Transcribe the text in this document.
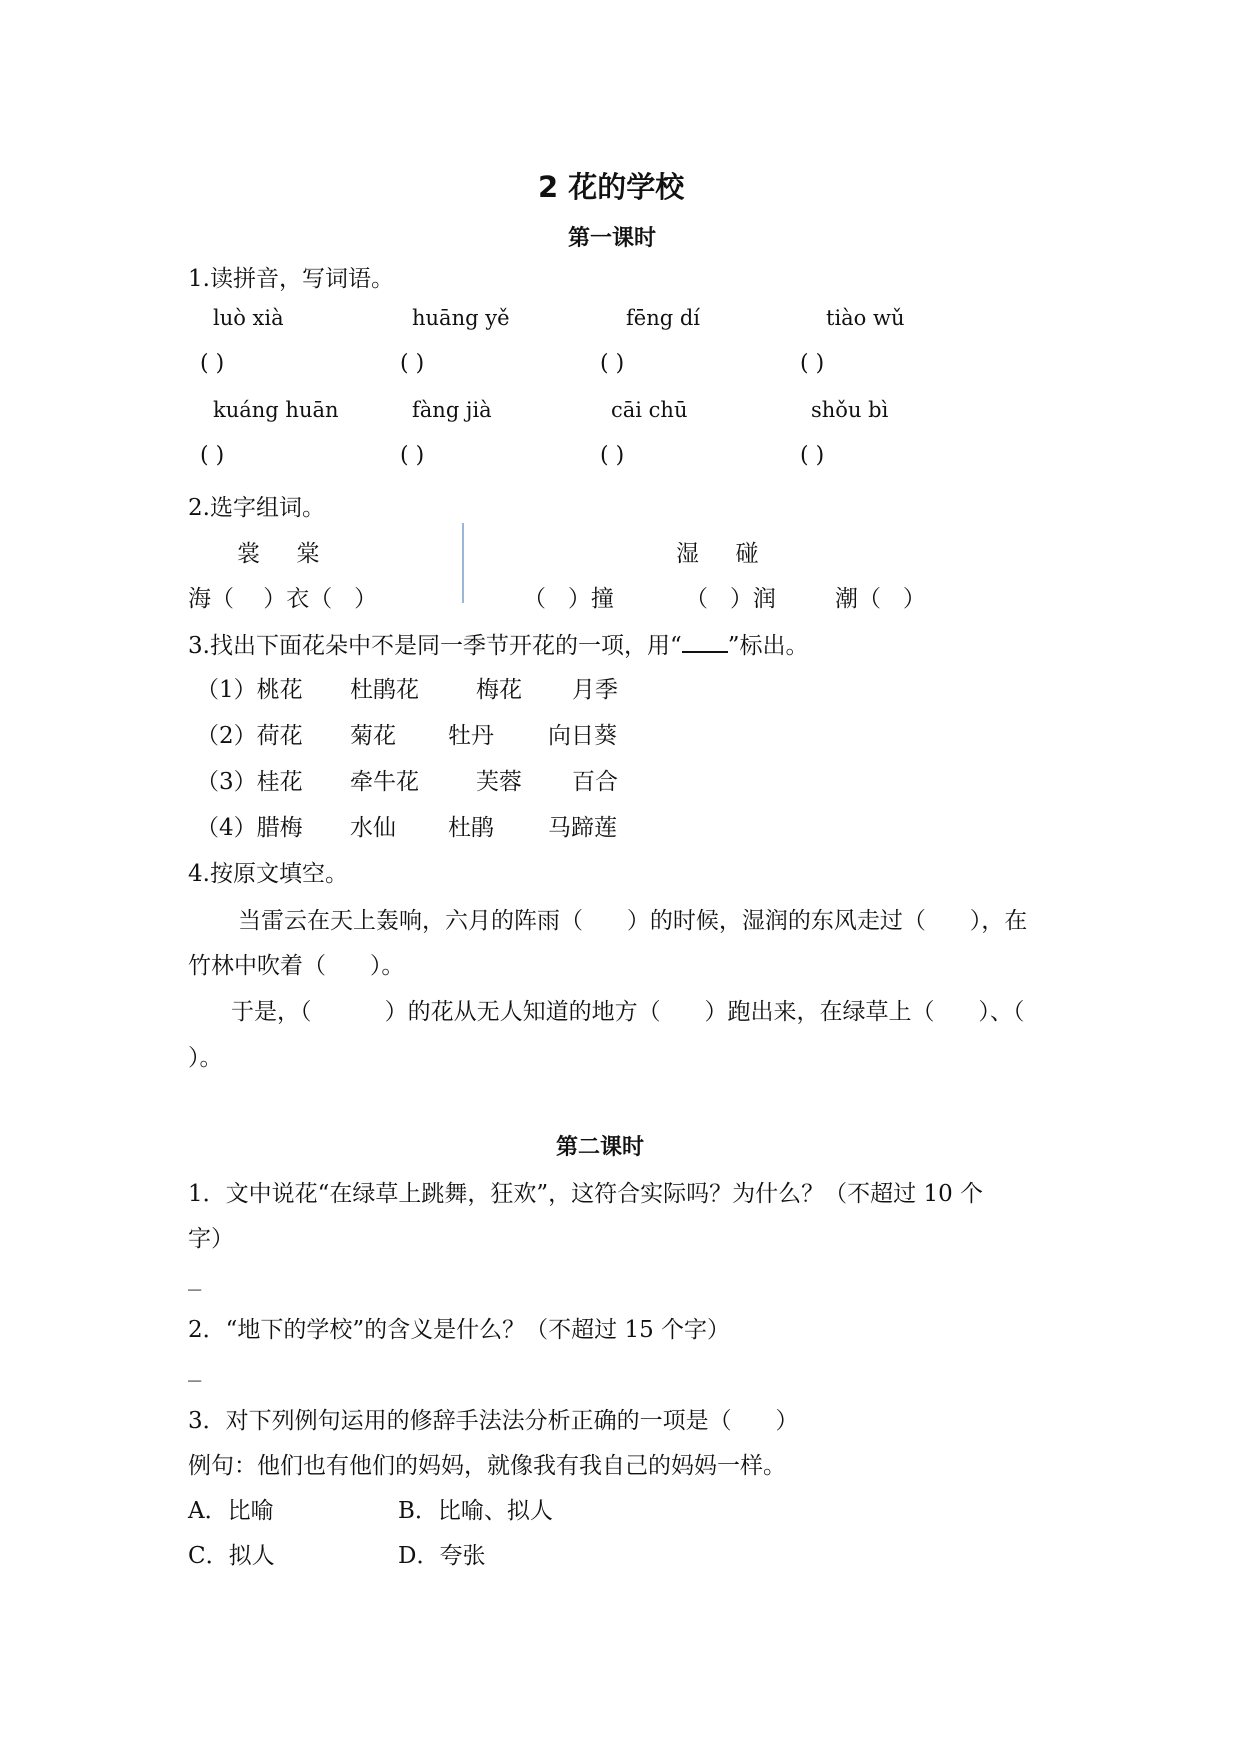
2 花的学校
第一课时
1.读拼音，写词语。
luò xià	huāng yě	fēng dí	tiào wǔ
( )	( )	( )	( )
kuáng huān	fàng jià	cāi chū	shǒu bì
( )	( )	( )	( )
2.选字组词。
裳     棠
海（    ）衣（   ）
湿     碰
（   ）撞	（   ）润	潮（   ）
3.找出下面花朵中不是同一季节开花的一项，用“ ”标出。
（1）桃花 杜鹃花 梅花 月季
（2）荷花 菊花 牡丹 向日葵
（3）桂花 牵牛花 芙蓉 百合
（4）腊梅 水仙 杜鹃 马蹄莲
4.按原文填空。
当雷云在天上轰响，六月的阵雨（      ）的时候，湿润的东风走过（      ），在
竹林中吹着（      ）。
于是，（          ）的花从无人知道的地方（      ）跑出来，在绿草上（      ）、（
）。
第二课时
1．文中说花“在绿草上跳舞，狂欢”，这符合实际吗？为什么？（不超过 10 个
字）
_
2．“地下的学校”的含义是什么？（不超过 15 个字）
_
3．对下列例句运用的修辞手法法分析正确的一项是（      ）
例句：他们也有他们的妈妈，就像我有我自己的妈妈一样。
A．比喻	B．比喻、拟人
C．拟人	D．夸张
